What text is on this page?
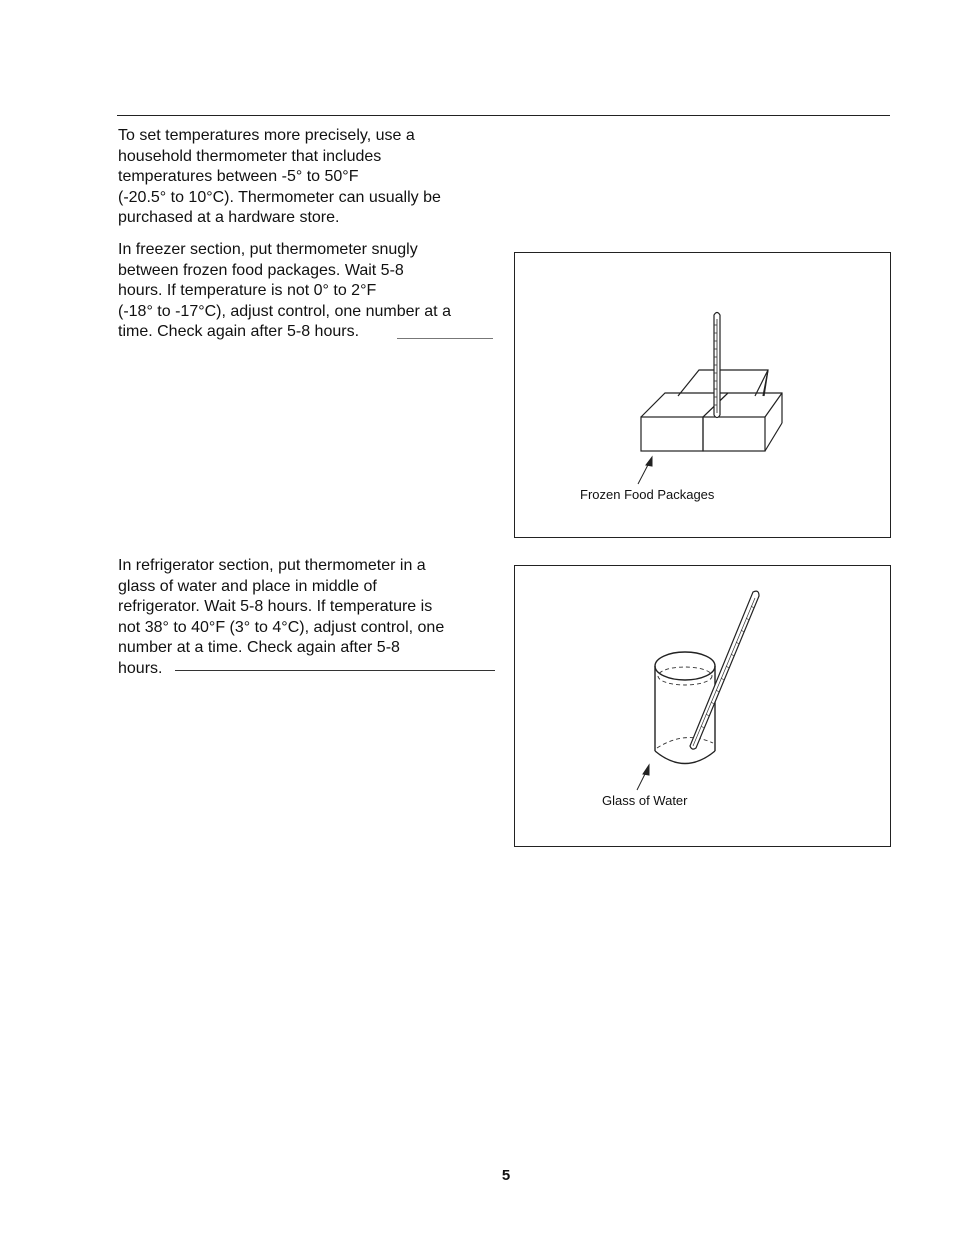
To set temperatures more precisely, use a
household thermometer that includes
temperatures between -5° to 50°F
(-20.5° to 10°C). Thermometer can usually be
purchased at a hardware store.

In freezer section, put thermometer snugly
between frozen food packages. Wait 5-8
hours. If temperature is not 0° to 2°F
(-18° to -17°C), adjust control, one number at a
time. Check again after 5-8 hours.

In refrigerator section, put thermometer in a
glass of water and place in middle of
refrigerator. Wait 5-8 hours. If temperature is
not 38° to 40°F (3° to 4°C), adjust control, one
number at a time. Check again after 5-8
hours.

Frozen Food Packages
Glass of Water
5
